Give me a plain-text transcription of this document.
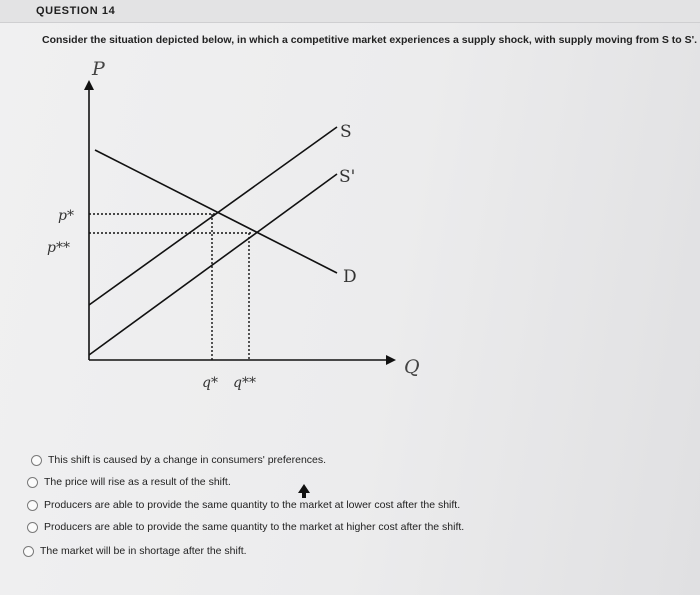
QUESTION 14
Consider the situation depicted below, in which a competitive market experiences a supply shock, with supply moving from S to S'.
P
Q
S
S'
D
p*
p**
q* q**
This shift is caused by a change in consumers' preferences.
The price will rise as a result of the shift.
Producers are able to provide the same quantity to the market at lower cost after the shift.
Producers are able to provide the same quantity to the market at higher cost after the shift.
The market will be in shortage after the shift.
